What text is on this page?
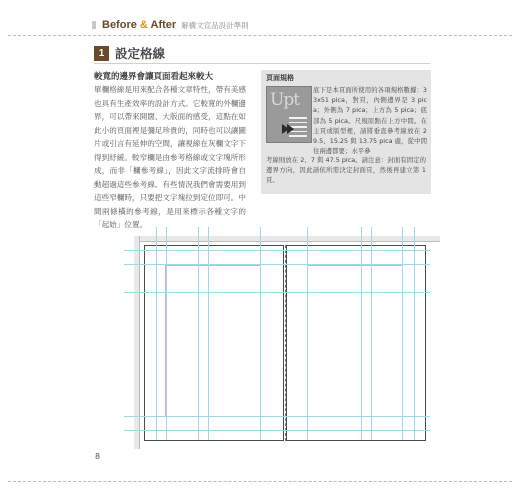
Before & After 解構文宣品設計準則
1 設定格線
較寬的邊界會讓頁面看起來較大
單欄格線是用來配合各種文章特性，帶有美感也具有生產效率的設計方式。它較寬的外欄邊界，可以帶來開闊、大版面的感受，這點在如此小的頁面裡是彌足珍貴的，同時也可以讓圖片或引言有延伸的空間，讓視線在灰欄文字下得到紓緩。較窄欄是由參考格線或文字塊所形成，而非「欄參考線」，因此文字流排時會自動超過這些參考線。有些情況我們會需要用到這些窄欄時，只要把文字塊拉到定位即可。中間兩條橫的參考線，是用來標示各種文字的「起始」位置。
頁面規格
Upt 底下是本頁面所使用的各項規格數據：33x51 pica，對頁，內側邊界是 3 pica；外側為 7 pica；上方為 5 pica；底部為 5 pica。尺規原點在上方中間。在主頁或版型裡，請將垂直參考線放在 29.5、15.25 與 13.75 pica 處，從中間往兩邊都要；水平參
考線則放在 2、7 與 47.5 pica。請注意：封面有固定的邊界方向，因此請依所需決定封面頁，然後再建立第 1 頁。
8
